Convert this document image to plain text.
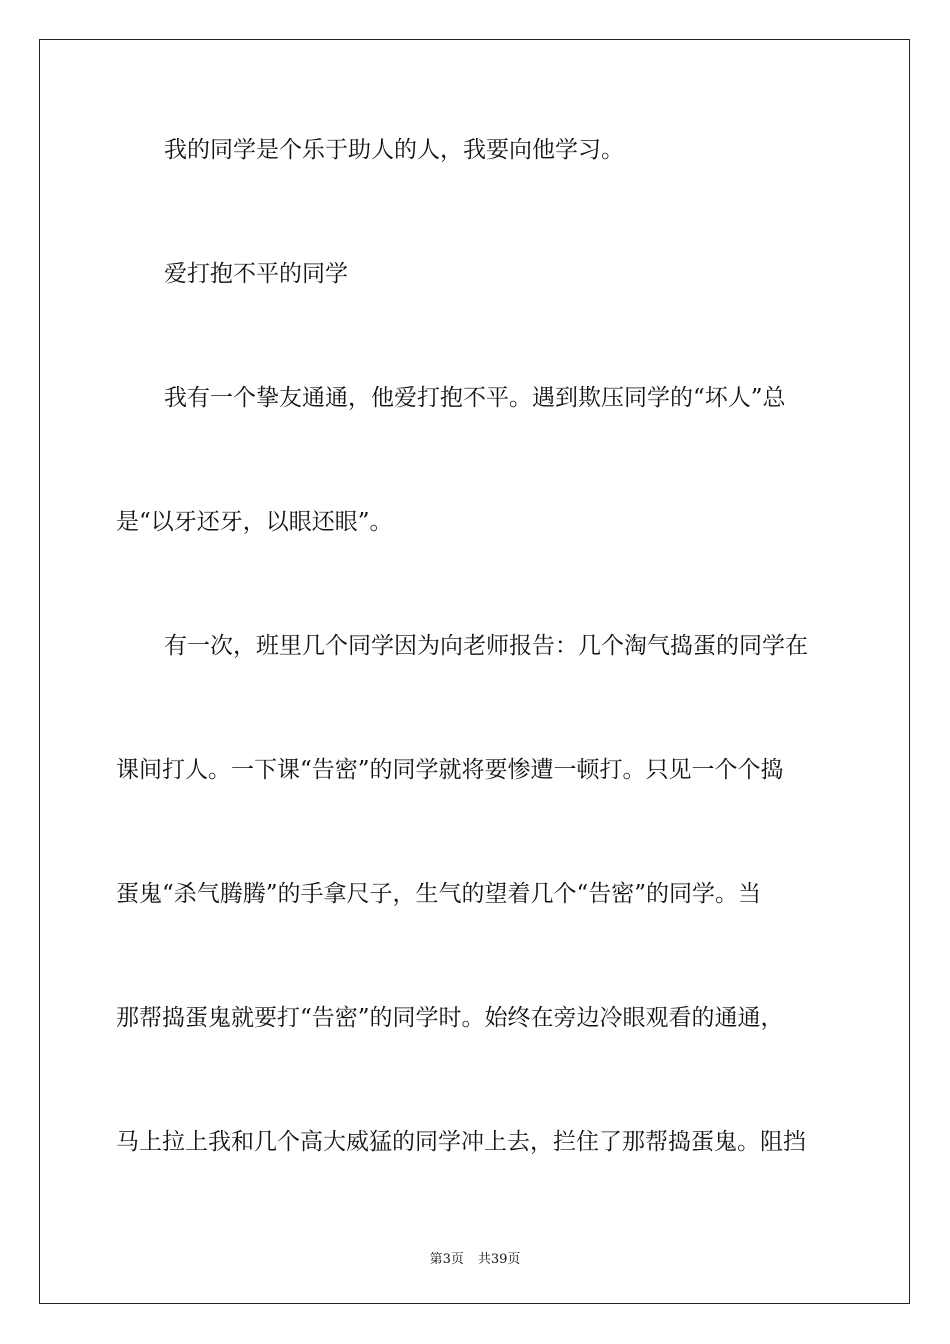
我的同学是个乐于助人的人，我要向他学习。

爱打抱不平的同学

我有一个挚友通通，他爱打抱不平。遇到欺压同学的“坏人”总

是“以牙还牙，以眼还眼”。

有一次，班里几个同学因为向老师报告：几个淘气捣蛋的同学在

课间打人。一下课“告密”的同学就将要惨遭一顿打。只见一个个捣

蛋鬼“杀气腾腾”的手拿尺子，生气的望着几个“告密”的同学。当

那帮捣蛋鬼就要打“告密”的同学时。始终在旁边冷眼观看的通通，

马上拉上我和几个高大威猛的同学冲上去，拦住了那帮捣蛋鬼。阻挡

第3页 共39页
